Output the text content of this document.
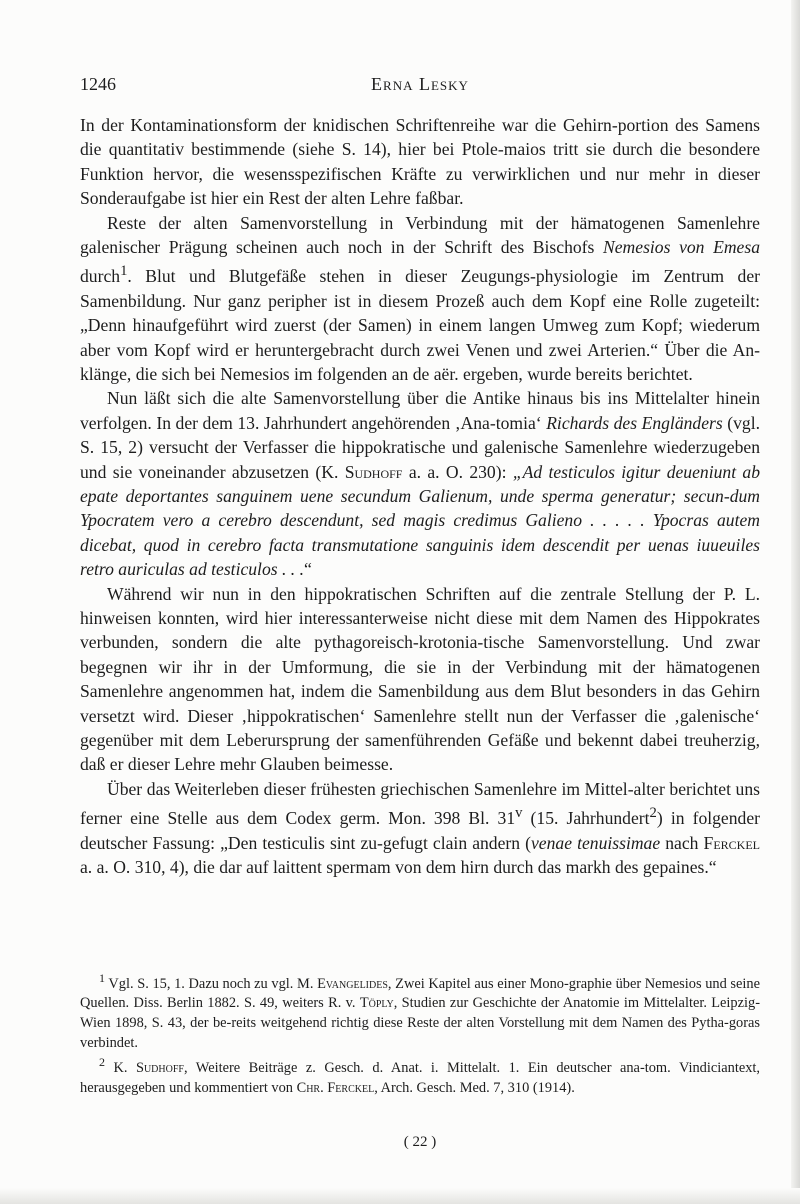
1246	Erna Lesky

In der Kontaminationsform der knidischen Schriftenreihe war die Gehirn-portion des Samens die quantitativ bestimmende (siehe S. 14), hier bei Ptole-maios tritt sie durch die besondere Funktion hervor, die wesensspezifischen Kräfte zu verwirklichen und nur mehr in dieser Sonderaufgabe ist hier ein Rest der alten Lehre faßbar.

Reste der alten Samenvorstellung in Verbindung mit der hämatogenen Samenlehre galenischer Prägung scheinen auch noch in der Schrift des Bischofs Nemesios von Emesa durch$^1$. Blut und Blutgefäße stehen in dieser Zeugungs-physiologie im Zentrum der Samenbildung. Nur ganz peripher ist in diesem Prozeß auch dem Kopf eine Rolle zugeteilt: „Denn hinaufgeführt wird zuerst (der Samen) in einem langen Umweg zum Kopf; wiederum aber vom Kopf wird er heruntergebracht durch zwei Venen und zwei Arterien.“ Über die An-klänge, die sich bei Nemesios im folgenden an de aër. ergeben, wurde bereits berichtet.

Nun läßt sich die alte Samenvorstellung über die Antike hinaus bis ins Mittelalter hinein verfolgen. In der dem 13. Jahrhundert angehörenden ‚Ana-tomia‘ Richards des Engländers (vgl. S. 15, 2) versucht der Verfasser die hippokratische und galenische Samenlehre wiederzugeben und sie voneinander abzusetzen (K. Sudhoff a. a. O. 230): „Ad testiculos igitur deueniunt ab epate deportantes sanguinem uene secundum Galienum, unde sperma generatur; secun-dum Ypocratem vero a cerebro descendunt, sed magis credimus Galieno . . . . . Ypocras autem dicebat, quod in cerebro facta transmutatione sanguinis idem descendit per uenas iuueuiles retro auriculas ad testiculos . . .“

Während wir nun in den hippokratischen Schriften auf die zentrale Stellung der P. L. hinweisen konnten, wird hier interessanterweise nicht diese mit dem Namen des Hippokrates verbunden, sondern die alte pythagoreisch-krotonia-tische Samenvorstellung. Und zwar begegnen wir ihr in der Umformung, die sie in der Verbindung mit der hämatogenen Samenlehre angenommen hat, indem die Samenbildung aus dem Blut besonders in das Gehirn versetzt wird. Dieser ‚hippokratischen‘ Samenlehre stellt nun der Verfasser die ‚galenische‘ gegenüber mit dem Leberursprung der samenführenden Gefäße und bekennt dabei treuherzig, daß er dieser Lehre mehr Glauben beimesse.

Über das Weiterleben dieser frühesten griechischen Samenlehre im Mittel-alter berichtet uns ferner eine Stelle aus dem Codex germ. Mon. 398 Bl. 31$^v$ (15. Jahrhundert$^2$) in folgender deutscher Fassung: „Den testiculis sint zu-gefugt clain andern (venae tenuissimae nach Ferckel a. a. O. 310, 4), die dar auf laittent spermam von dem hirn durch das markh des gepaines.“

$^1$ Vgl. S. 15, 1. Dazu noch zu vgl. M. Evangelides, Zwei Kapitel aus einer Mono-graphie über Nemesios und seine Quellen. Diss. Berlin 1882. S. 49, weiters R. v. Töply, Studien zur Geschichte der Anatomie im Mittelalter. Leipzig-Wien 1898, S. 43, der be-reits weitgehend richtig diese Reste der alten Vorstellung mit dem Namen des Pytha-goras verbindet.

$^2$ K. Sudhoff, Weitere Beiträge z. Gesch. d. Anat. i. Mittelalt. 1. Ein deutscher ana-tom. Vindiciantext, herausgegeben und kommentiert von Chr. Ferckel, Arch. Gesch. Med. 7, 310 (1914).

( 22 )
